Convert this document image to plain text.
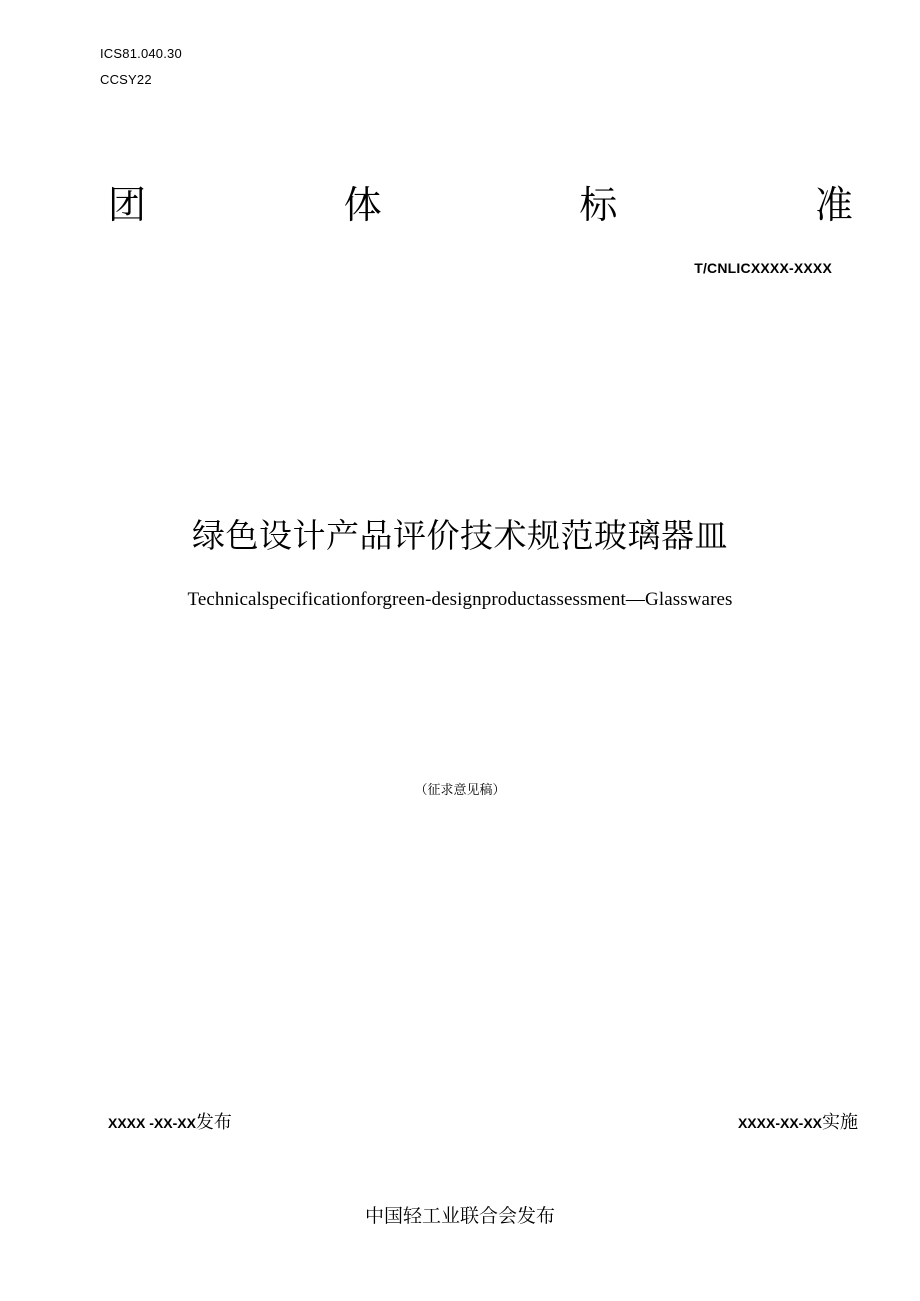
ICS81.040.30
CCSY22
团	体	标	准
T/CNLICXXXX-XXXX
绿色设计产品评价技术规范玻璃器皿
Technicalspecificationforgreen-designproductassessment—Glasswares
（征求意见稿）
XXXX -XX-XX发布	XXXX-XX-XX实施
中国轻工业联合会发布
